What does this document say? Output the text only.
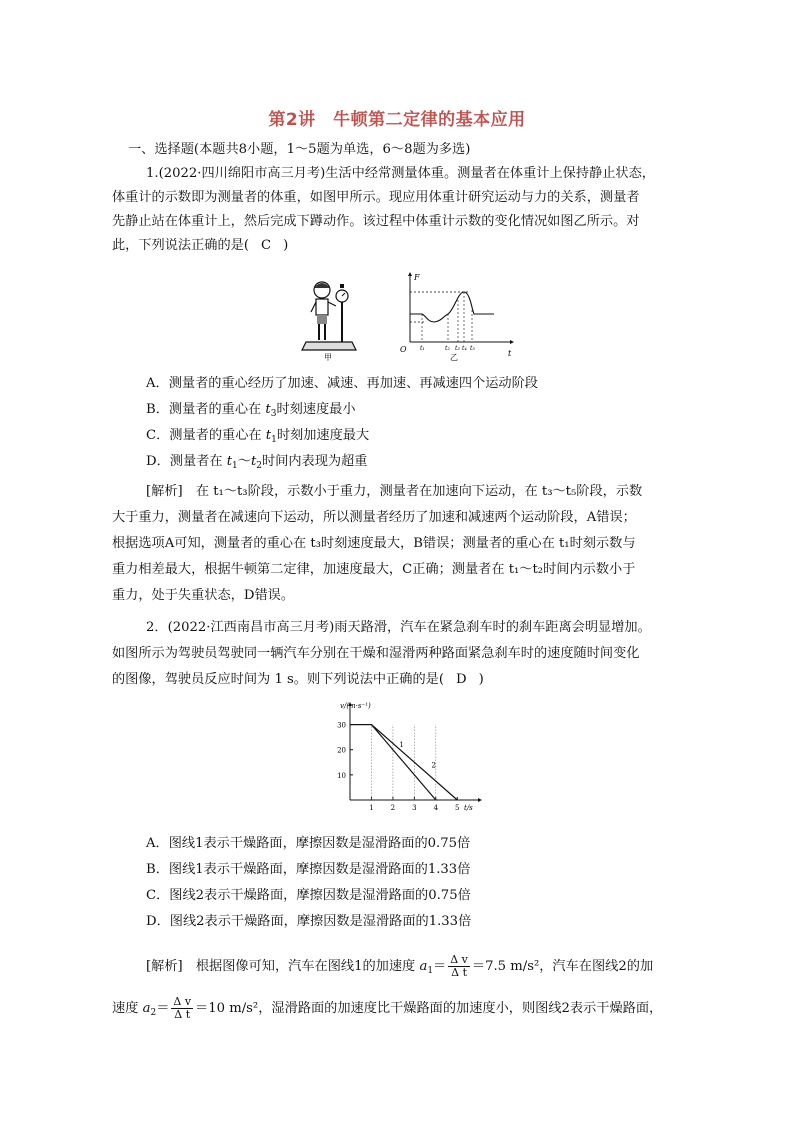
第2讲　牛顿第二定律的基本应用
一、选择题(本题共8小题，1～5题为单选，6～8题为多选)
1.(2022·四川绵阳市高三月考)生活中经常测量体重。测量者在体重计上保持静止状态，
体重计的示数即为测量者的体重，如图甲所示。现应用体重计研究运动与力的关系，测量者
先静止站在体重计上，然后完成下蹲动作。该过程中体重计示数的变化情况如图乙所示。对
此，下列说法正确的是( C )
甲
F
t
O t₁	t₂ t₃ t₄ t₅
乙
A．测量者的重心经历了加速、减速、再加速、再减速四个运动阶段
B．测量者的重心在 $t_3$时刻速度最小
C．测量者的重心在 $t_1$时刻加速度最大
D．测量者在 $t_1\sim t_2$时间内表现为超重
[解析]　在 t₁～t₃阶段，示数小于重力，测量者在加速向下运动，在 t₃～t₅阶段，示数
大于重力，测量者在减速向下运动，所以测量者经历了加速和减速两个运动阶段，A错误；
根据选项A可知，测量者的重心在 t₃时刻速度最大，B错误；测量者的重心在 t₁时刻示数与
重力相差最大，根据牛顿第二定律，加速度最大，C正确；测量者在 t₁～t₂时间内示数小于
重力，处于失重状态，D错误。
2．(2022·江西南昌市高三月考)雨天路滑，汽车在紧急刹车时的刹车距离会明显增加。
如图所示为驾驶员驾驶同一辆汽车分别在干燥和湿滑两种路面紧急刹车时的速度随时间变化
的图像，驾驶员反应时间为 1 s。则下列说法中正确的是( D )
1 2 3 4 5
10
20
30
1
2
v/(m·s⁻¹)
t/s
A．图线1表示干燥路面，摩擦因数是湿滑路面的0.75倍
B．图线1表示干燥路面，摩擦因数是湿滑路面的1.33倍
C．图线2表示干燥路面，摩擦因数是湿滑路面的0.75倍
D．图线2表示干燥路面，摩擦因数是湿滑路面的1.33倍
[解析]　根据图像可知，汽车在图线1的加速度 $a_1= \frac{\text{Δ v}}{\text{Δ t}} =7.5$ m/s²，汽车在图线2的加
速度 $a_2= \frac{\text{Δ v}}{\text{Δ t}} =10$ m/s²，湿滑路面的加速度比干燥路面的加速度小，则图线2表示干燥路面，
